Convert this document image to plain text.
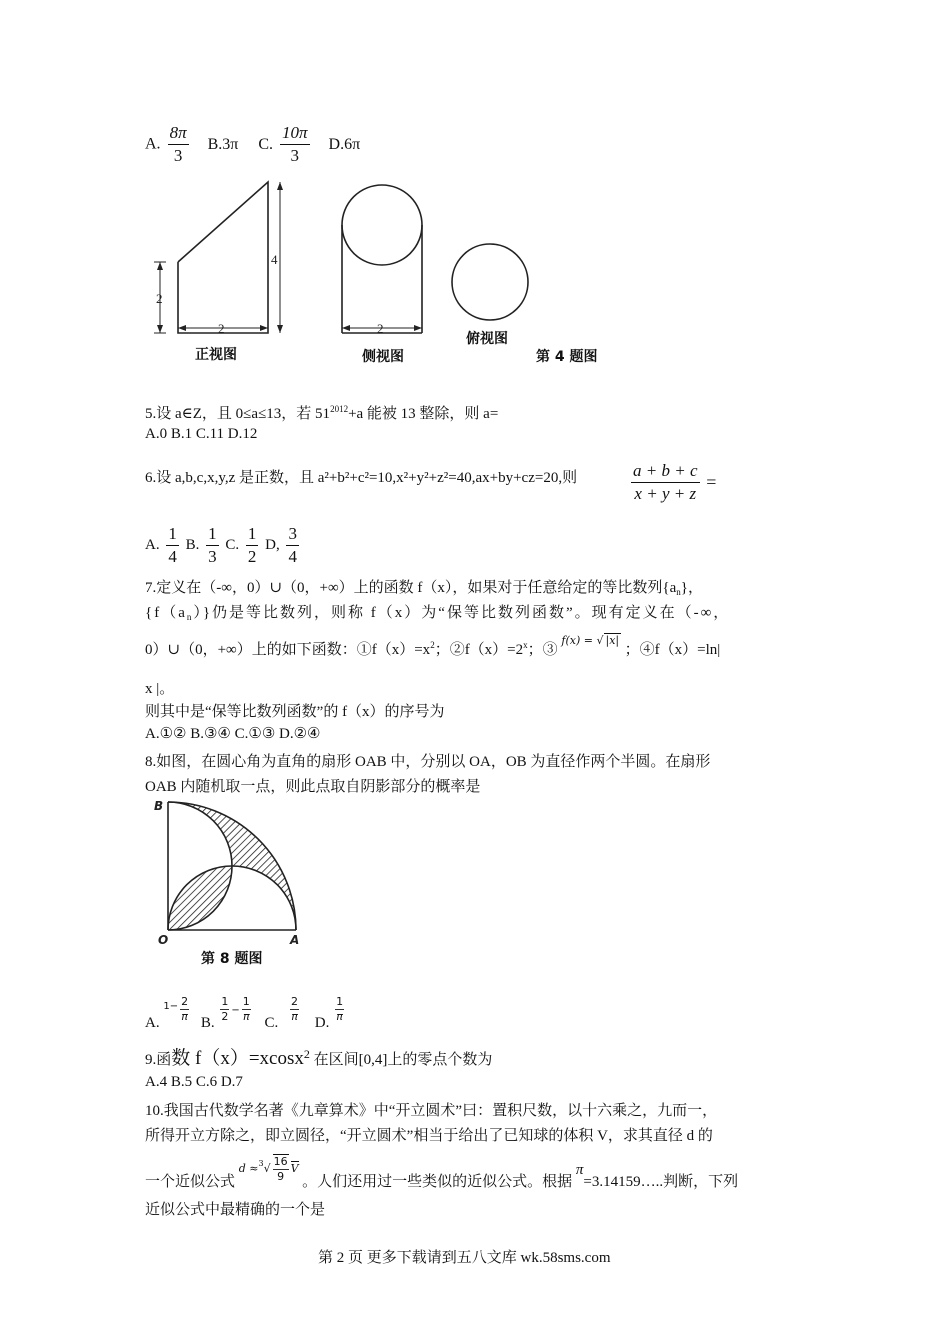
A. $\frac{8\pi}{3} B.3\pi$ C. $\frac{10\pi}{3} D.6\pi$
2
4
2	2
正视图	侧视图
俯视图
第 4 题图
5.设 a∈Z，且 0≤a≤13，若 $51^{2012}+a$ 能被 13 整除，则 a=
A.0 B.1 C.11 D.12
6.设 a,b,c,x,y,z 是正数，且 a²+b²+c²=10,x²+y²+z²=40,ax+by+cz=20,则	$\frac{a + b + c}{x + y + z}$ =
A. $\frac{1}{4} B$. $\frac{1}{3} C$. $\frac{1}{2} D$, $\frac{3}{4}$
7.定义在（-∞，0）∪（0，+∞）上的函数 f（x），如果对于任意给定的等比数列$\{a_n\}$，
$\{f(a_n)\}$仍是等比数列，则称 f（x）为“保等比数列函数”。现有定义在（-∞，
0）∪（0，+∞）上的如下函数：$①f(x)=x^2$；$②f(x)=2^x$；③ $^{f(x) = √ |x|}$ ；④f（x）=ln|
x |。
则其中是“保等比数列函数”的 f（x）的序号为
A.①② B.③④ C.①③ D.②④
8.如图，在圆心角为直角的扇形 OAB 中，分别以 OA，OB 为直径作两个半圆。在扇形
OAB 内随机取一点，则此点取自阴影部分的概率是
B
O	A
第 8 题图
A. $^{1-} \frac{2}{\pi} B$. $\frac{1}{2} - \frac{1}{\pi} C$. $\frac{2}{\pi} D$. $\frac{1}{\pi}$
9.函数 f（x）=xcosx$^2$ 在区间[0,4]上的零点个数为
A.4 B.5 C.6 D.7
10.我国古代数学名著《九章算术》中“开立圆术”曰：置积尺数，以十六乘之，九而一，
所得开立方除之，即立圆径，“开立圆术”相当于给出了已知球的体积 V，求其直径 d 的
一个近似公式 $^{d \approx^3√ \frac{16}{9} V}$ 。人们还用过一些类似的近似公式。根据 π=3.14159…..判断，下列
近似公式中最精确的一个是
第 2 页 更多下载请到五八文库 wk.58sms.com
